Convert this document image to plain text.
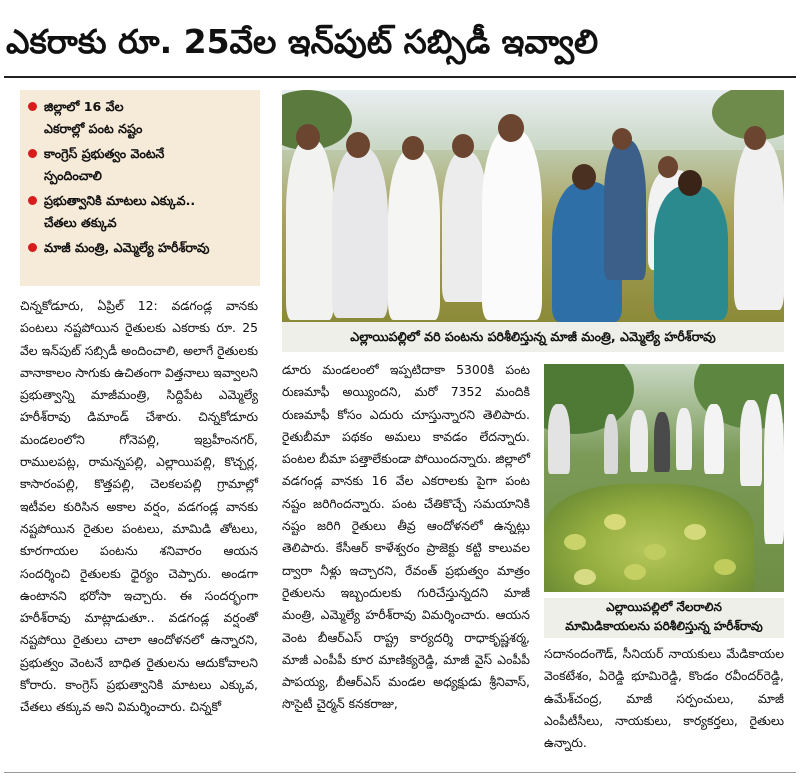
ఎకరాకు రూ. 25వేల ఇన్‌పుట్ సబ్సిడీ ఇవ్వాలి
జిల్లాలో 16 వేల
ఎకరాల్లో పంట నష్టం
కాంగ్రెస్ ప్రభుత్వం వెంటనే
స్పందించాలి
ప్రభుత్వానికి మాటలు ఎక్కువ..
చేతలు తక్కువ
మాజీ మంత్రి, ఎమ్మెల్యే హరీశ్‌రావు
ఎల్లాయిపల్లిలో వరి పంటను పరిశీలిస్తున్న మాజీ మంత్రి, ఎమ్మెల్యే హరీశ్‌రావు
ఎల్లాయిపల్లిలో నేలరాలిన
మామిడికాయలను పరిశీలిస్తున్న హరీశ్‌రావు

చిన్నకోడూరు, ఏప్రిల్ 12: వడగండ్ల వానకు పంటలు నష్టపోయిన రైతులకు ఎకరాకు రూ. 25 వేల ఇన్‌పుట్ సబ్సిడీ అందించాలి, అలాగే రైతులకు వానాకాలం సాగుకు ఉచితంగా విత్తనాలు ఇవ్వాలని ప్రభుత్వాన్ని మాజీమంత్రి, సిద్దిపేట ఎమ్మెల్యే హరీశ్‌రావు డిమాండ్ చేశారు. చిన్నకోడూరు మండలంలోని గోనెపల్లి, ఇబ్రహీంనగర్, రాములపట్ల, రామన్నపల్లి, ఎల్లాయిపల్లి, కొచ్చర్ల, కాసారంపల్లి, కొత్తపల్లి, చెలకలపల్లి గ్రామాల్లో ఇటీవల కురిసిన అకాల వర్షం, వడగండ్ల వానకు నష్టపోయిన రైతుల పంటలు, మామిడి తోటలు, కూరగాయల పంటను శనివారం ఆయన సందర్శించి రైతులకు ధైర్యం చెప్పారు. అండగా ఉంటానని భరోసా ఇచ్చారు. ఈ సందర్భంగా హరీశ్‌రావు మాట్లాడుతూ.. వడగండ్ల వర్షంతో నష్టపోయి రైతులు చాలా ఆందోళనలో ఉన్నారని, ప్రభుత్వం వెంటనే బాధిత రైతులను ఆదుకోవాలని కోరారు. కాంగ్రెస్ ప్రభుత్వానికి మాటలు ఎక్కువ, చేతలు తక్కువ అని విమర్శించారు. చిన్నకో

డూరు మండలంలో ఇప్పటిదాకా 5300కి పంట రుణమాఫీ అయ్యిందని, మరో 7352 మందికి రుణమాఫీ కోసం ఎదురు చూస్తున్నారని తెలిపారు. రైతుబీమా పథకం అమలు కావడం లేదన్నారు. పంటల బీమా పత్తాలేకుండా పోయిందన్నారు. జిల్లాలో వడగండ్ల వానకు 16 వేల ఎకరాలకు పైగా పంట నష్టం జరిగిందన్నారు. పంట చేతికొచ్చే సమయానికి నష్టం జరిగి రైతులు తీవ్ర ఆందోళనలో ఉన్నట్లు తెలిపారు. కేసీఆర్ కాళేశ్వరం ప్రాజెక్టు కట్టి కాలువల ద్వారా నీళ్లు ఇచ్చారని, రేవంత్ ప్రభుత్వం మాత్రం రైతులను ఇబ్బందులకు గురిచేస్తున్నదని మాజీ మంత్రి, ఎమ్మెల్యే హరీశ్‌రావు విమర్శించారు. ఆయన వెంట బీఆర్ఎస్ రాష్ట్ర కార్యదర్శి రాధాకృష్ణశర్మ, మాజీ ఎంపీపీ కూర మాణిక్యరెడ్డి, మాజీ వైస్ ఎంపీపీ పాపయ్య, బీఆర్ఎస్ మండల అధ్యక్షుడు శ్రీనివాస్, సొసైటీ చైర్మన్ కనకరాజు,

సదానందంగౌడ్, సీనియర్ నాయకులు మేడికాయల వెంకటేశం, ఏరెడ్డి భూమిరెడ్డి, కొండం రవీందర్‌రెడ్డి, ఉమేశ్‌చంద్ర, మాజీ సర్పంచులు, మాజీ ఎంపీటీసీలు, నాయకులు, కార్యకర్తలు, రైతులు ఉన్నారు.
